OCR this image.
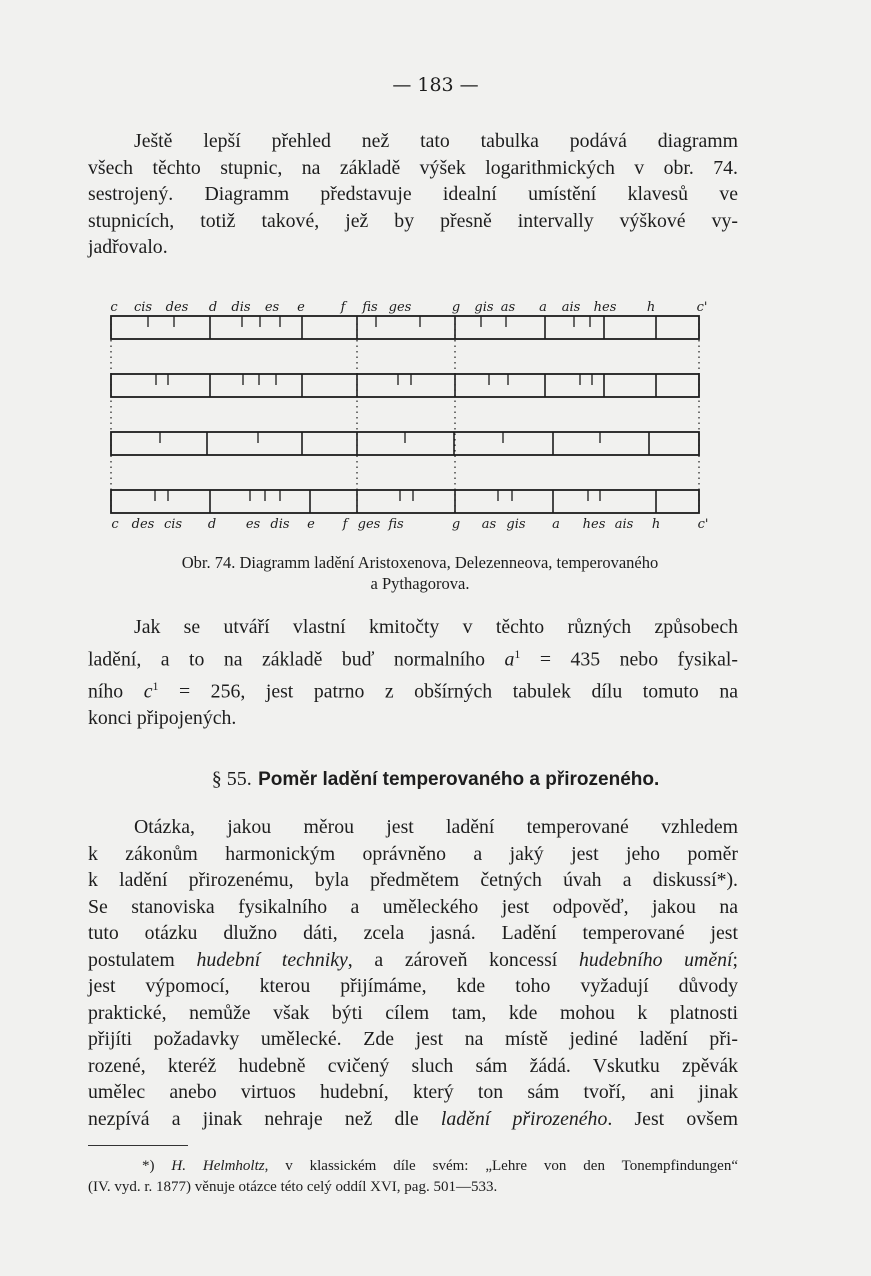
— 183 —
Ještě lepší přehled než tato tabulka podává diagramm
všech těchto stupnic, na základě výšek logarithmických v obr. 74.
sestrojený. Diagramm představuje idealní umístění klavesů ve
stupnicích, totiž takové, jež by přesně intervally výškové vy-
jadřovalo.
c cis des d dis es e	f fis ges	g gis as a ais hes h	c'
c des cis d es dis e f ges fis	g as gis a hes ais h	c'
Obr. 74. Diagramm ladění Aristoxenova, Delezenneova, temperovaného
a Pythagorova.
Jak se utváří vlastní kmitočty v těchto různých způsobech
ladění, a to na základě buď normalního $a^1 = 435$ nebo fysikal-
ního $c^1 = 256$, jest patrno z obšírných tabulek dílu tomuto na
konci připojených.
§ 55. Poměr ladění temperovaného a přirozeného.
Otázka, jakou měrou jest ladění temperované vzhledem
k zákonům harmonickým oprávněno a jaký jest jeho poměr
k ladění přirozenému, byla předmětem četných úvah a diskussí*).
Se stanoviska fysikalního a uměleckého jest odpověď, jakou na
tuto otázku dlužno dáti, zcela jasná. Ladění temperované jest
postulatem hudební techniky, a zároveň koncessí hudebního umění;
jest výpomocí, kterou přijímáme, kde toho vyžadují důvody
praktické, nemůže však býti cílem tam, kde mohou k platnosti
přijíti požadavky umělecké. Zde jest na místě jediné ladění při-
rozené, kteréž hudebně cvičený sluch sám žádá. Vskutku zpěvák
umělec anebo virtuos hudební, který ton sám tvoří, ani jinak
nezpívá a jinak nehraje než dle ladění přirozeného. Jest ovšem
*) H. Helmholtz, v klassickém díle svém: „Lehre von den Tonempfindungen“
(IV. vyd. r. 1877) věnuje otázce této celý oddíl XVI, pag. 501—533.
